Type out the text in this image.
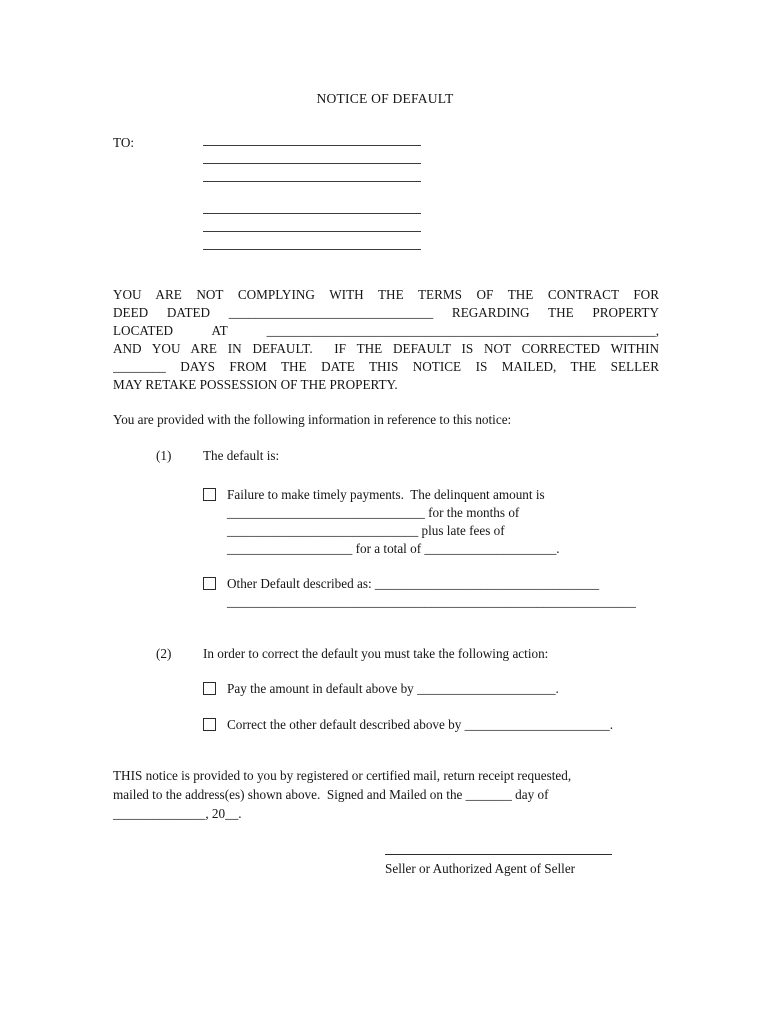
NOTICE OF DEFAULT
TO:
YOU ARE NOT COMPLYING WITH THE TERMS OF THE CONTRACT FOR
DEED DATED _______________________________ REGARDING THE PROPERTY
LOCATED AT ___________________________________________________________,
AND YOU ARE IN DEFAULT.  IF THE DEFAULT IS NOT CORRECTED WITHIN
________ DAYS FROM THE DATE THIS NOTICE IS MAILED, THE SELLER
MAY RETAKE POSSESSION OF THE PROPERTY.
You are provided with the following information in reference to this notice:
(1) The default is:
Failure to make timely payments.  The delinquent amount is
______________________________ for the months of
_____________________________ plus late fees of
___________________ for a total of ____________________.
Other Default described as: __________________________________
______________________________________________________________
(2) In order to correct the default you must take the following action:
Pay the amount in default above by _____________________.
Correct the other default described above by ______________________.
THIS notice is provided to you by registered or certified mail, return receipt requested,
mailed to the address(es) shown above.  Signed and Mailed on the _______ day of
______________, 20__.
Seller or Authorized Agent of Seller
